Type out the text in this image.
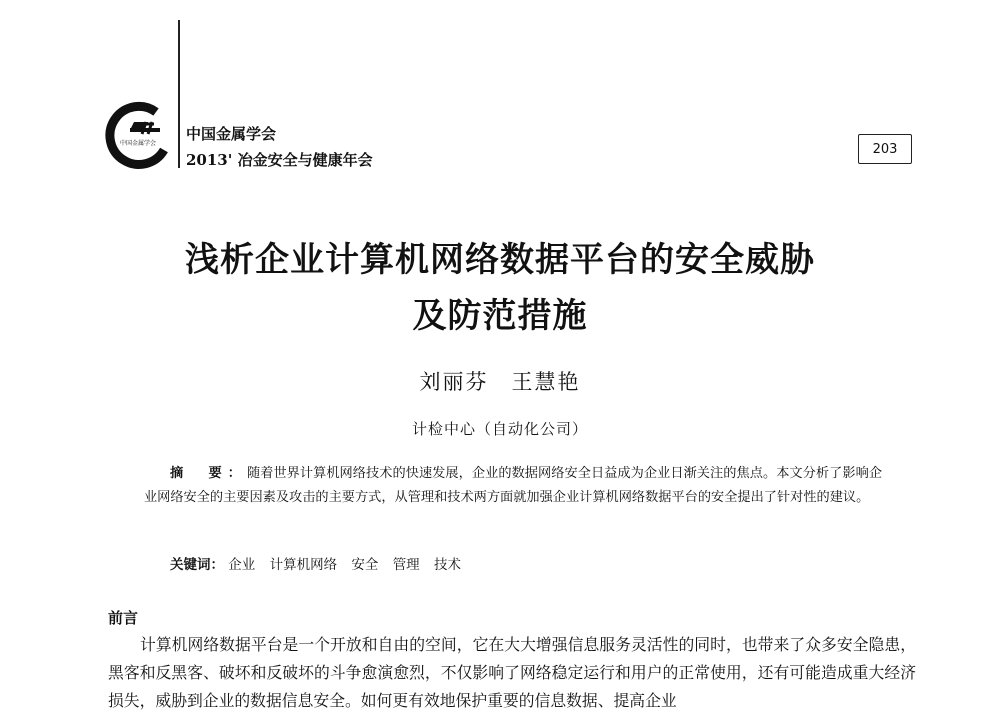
中国金属学会
中国金属学会
2013' 冶金安全与健康年会
203
浅析企业计算机网络数据平台的安全威胁
及防范措施
刘丽芬　王慧艳
计检中心（自动化公司）
摘　要：随着世界计算机网络技术的快速发展，企业的数据网络安全日益成为企业日渐关注的焦点。本文分析了影响企业网络安全的主要因素及攻击的主要方式，从管理和技术两方面就加强企业计算机网络数据平台的安全提出了针对性的建议。
关键词： 企业 计算机网络 安全 管理 技术
前言
计算机网络数据平台是一个开放和自由的空间，它在大大增强信息服务灵活性的同时，也带来了众多安全隐患，黑客和反黑客、破坏和反破坏的斗争愈演愈烈，不仅影响了网络稳定运行和用户的正常使用，还有可能造成重大经济损失，威胁到企业的数据信息安全。如何更有效地保护重要的信息数据、提高企业
